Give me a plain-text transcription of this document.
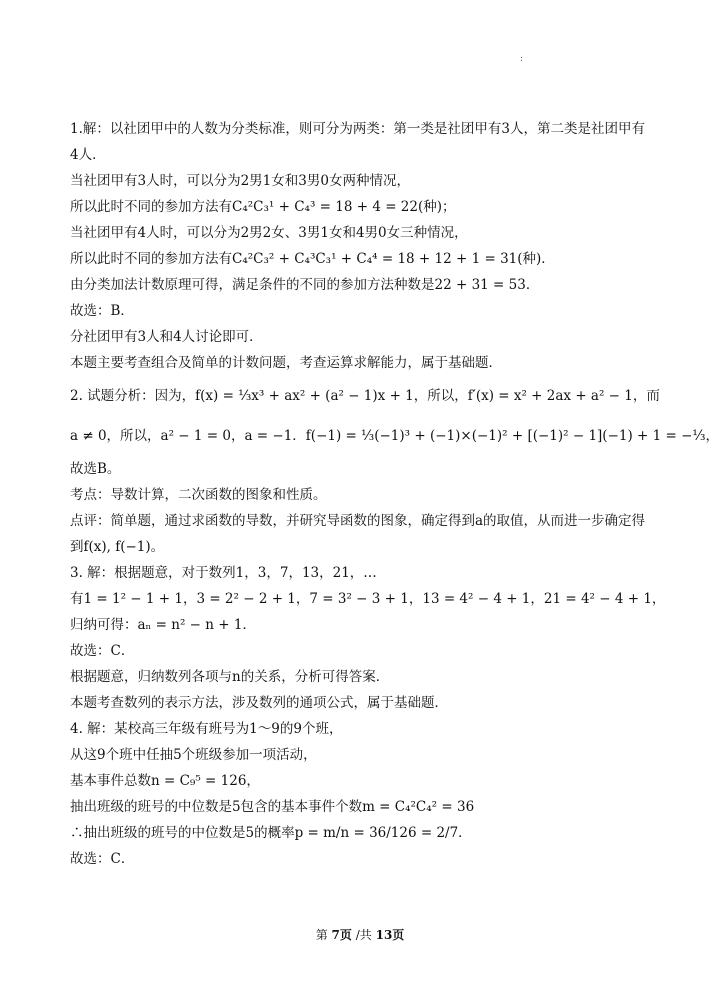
:
1.解：以社团甲中的人数为分类标准，则可分为两类：第一类是社团甲有3人，第二类是社团甲有
4人．
当社团甲有3人时，可以分为2男1女和3男0女两种情况，
所以此时不同的参加方法有C₄²C₃¹ + C₄³ = 18 + 4 = 22(种)；
当社团甲有4人时，可以分为2男2女、3男1女和4男0女三种情况，
所以此时不同的参加方法有C₄²C₃² + C₄³C₃¹ + C₄⁴ = 18 + 12 + 1 = 31(种)．
由分类加法计数原理可得，满足条件的不同的参加方法种数是22 + 31 = 53．
故选：B．
分社团甲有3人和4人讨论即可．
本题主要考查组合及简单的计数问题，考查运算求解能力，属于基础题．
2. 试题分析：因为，f(x) = ⅓x³ + ax² + (a² − 1)x + 1，所以，f′(x) = x² + 2ax + a² − 1，而
a ≠ 0，所以，a² − 1 = 0，a = −1．f(−1) = ⅓(−1)³ + (−1)×(−1)² + [(−1)² − 1](−1) + 1 = −⅓，
故选B。
考点：导数计算，二次函数的图象和性质。
点评：简单题，通过求函数的导数，并研究导函数的图象，确定得到a的取值，从而进一步确定得
到f(x), f(−1)。
3. 解：根据题意，对于数列1，3，7，13，21，…
有1 = 1² − 1 + 1，3 = 2² − 2 + 1，7 = 3² − 3 + 1，13 = 4² − 4 + 1，21 = 4² − 4 + 1，
归纳可得：aₙ = n² − n + 1．
故选：C．
根据题意，归纳数列各项与n的关系，分析可得答案．
本题考查数列的表示方法，涉及数列的通项公式，属于基础题．
4. 解：某校高三年级有班号为1～9的9个班，
从这9个班中任抽5个班级参加一项活动，
基本事件总数n = C₉⁵ = 126，
抽出班级的班号的中位数是5包含的基本事件个数m = C₄²C₄² = 36
∴抽出班级的班号的中位数是5的概率p = m/n = 36/126 = 2/7．
故选：C．
第 7页 /共 13页
